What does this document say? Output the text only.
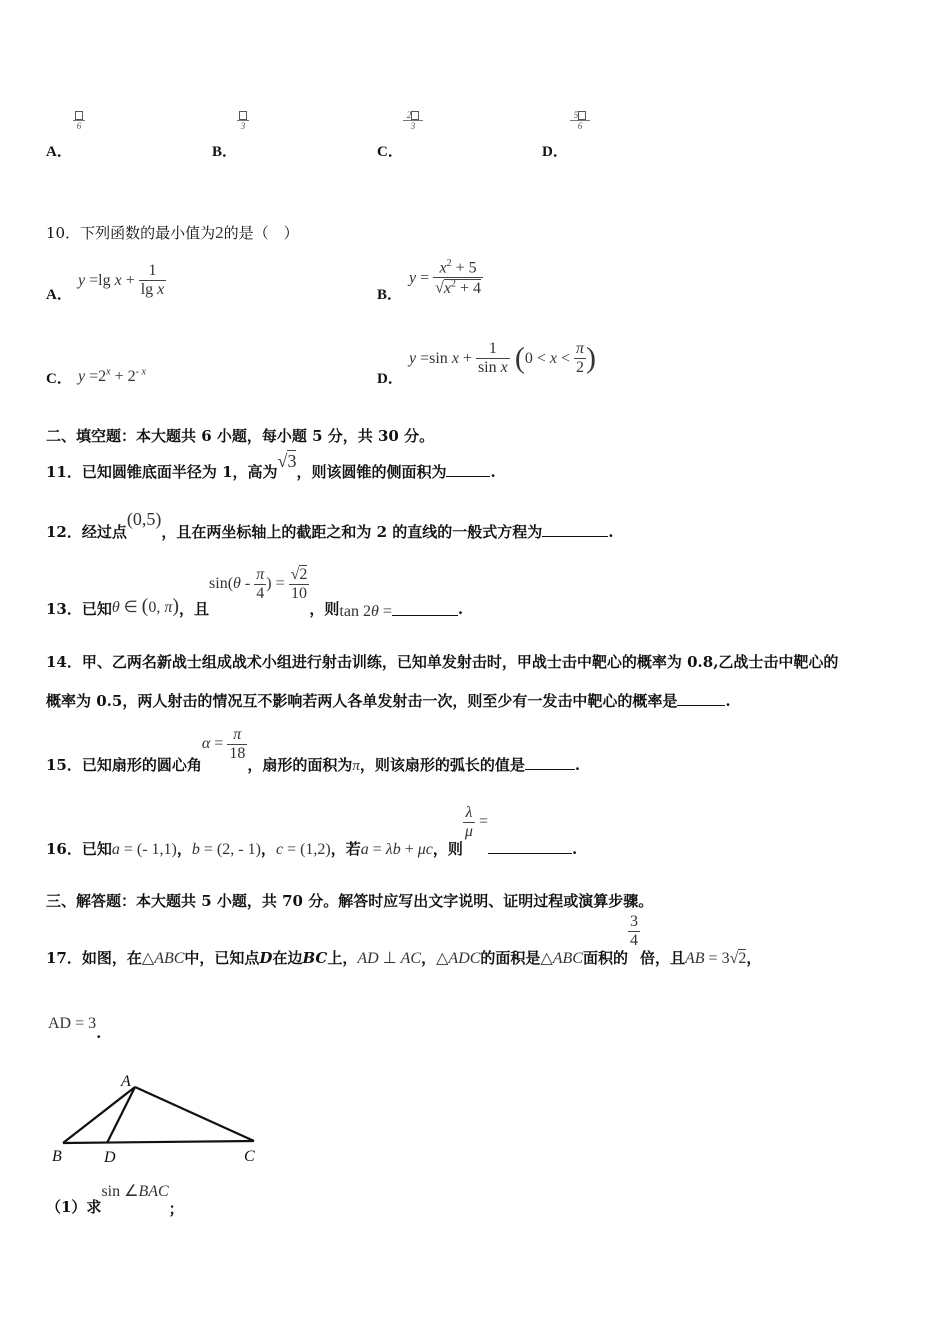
6
A．
3
B．
2
3
C．
5
6
D．
10．下列函数的最小值为2的是（　）
A．
y =lg $x + \frac{1}{\text{lg x}}$	B．
$y = \frac{x^2 + 5}{√x^2 + 4}$
C． $y =2^x + 2^{- x}$	D．
y =sin $x + \frac{1}{\text{sin x}} (0 < x < \frac{\pi}{2}$ )
二、填空题：本大题共 6 小题，每小题 5 分，共 30 分。
11．已知圆锥底面半径为 1，高为√3，则该圆锥的侧面积为	.
12．经过点(0,5)，且在两坐标轴上的截距之和为 2 的直线的一般式方程为	.
13．已知θ ∈ (0, π)，且$\sin(\theta - \frac{\pi}{4}$ ) = $\frac{√2}{10}$
，则tan 2θ =	.
14．甲、乙两名新战士组成战术小组进行射击训练，已知单发射击时，甲战士击中靶心的概率为 0.8,乙战士击中靶心的
概率为 0.5，两人射击的情况互不影响若两人各单发射击一次，则至少有一发击中靶心的概率是	.
15．已知扇形的圆心角$\alpha = \frac{\pi}{18}$
，扇形的面积为π，则该扇形的弧长的值是	.
16．已知a = (- 1,1)，b = (2, - 1)，c = (1,2)，若a = λb + μc，则
$\frac{\lambda}{\mu}$ =.
三、解答题：本大题共 5 小题，共 70 分。解答时应写出文字说明、证明过程或演算步骤。
17．如图，在△ABC中，已知点D在边BC上，AD ⊥ AC，△ADC的面积是△ABC面积的
$\frac{3}{4}$
倍，且AB = 3√2，
AD = 3.
A
B	D	C
（1）求sin ∠BAC；
